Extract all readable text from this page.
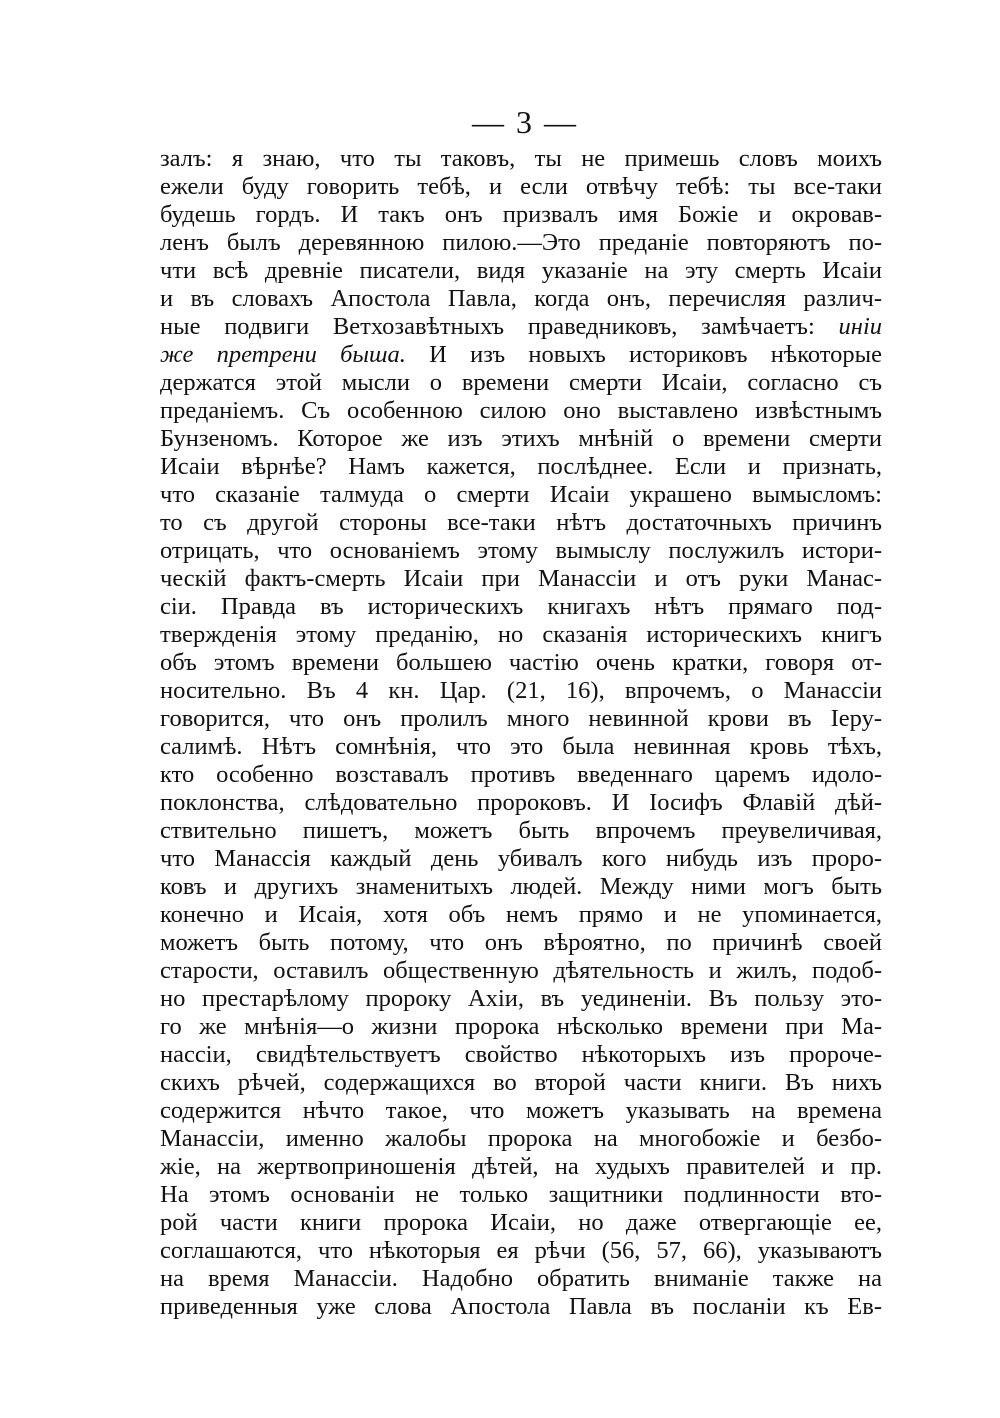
— 3 —
залъ: я знаю, что ты таковъ, ты не примешь словъ моихъ
ежели буду говорить тебѣ, и если отвѣчу тебѣ: ты все-таки
будешь гордъ. И такъ онъ призвалъ имя Божіе и окровав-
ленъ былъ деревянною пилою.—Это преданіе повторяютъ по-
чти всѣ древніе писатели, видя указаніе на эту смерть Исаіи
и въ словахъ Апостола Павла, когда онъ, перечисляя различ-
ные подвиги Ветхозавѣтныхъ праведниковъ, замѣчаетъ: иніи
же претрени быша. И изъ новыхъ историковъ нѣкоторые
держатся этой мысли о времени смерти Исаіи, согласно съ
преданіемъ. Съ особенною силою оно выставлено извѣстнымъ
Бунзеномъ. Которое же изъ этихъ мнѣній о времени смерти
Исаіи вѣрнѣе? Намъ кажется, послѣднее. Если и признать,
что сказаніе талмуда о смерти Исаіи украшено вымысломъ:
то съ другой стороны все-таки нѣтъ достаточныхъ причинъ
отрицать, что основаніемъ этому вымыслу послужилъ истори-
ческій фактъ-смерть Исаіи при Манассіи и отъ руки Манас-
сіи. Правда въ историческихъ книгахъ нѣтъ прямаго под-
твержденія этому преданію, но сказанія историческихъ книгъ
объ этомъ времени большею частію очень кратки, говоря от-
носительно. Въ 4 кн. Цар. (21, 16), впрочемъ, о Манассіи
говорится, что онъ пролилъ много невинной крови въ Іеру-
салимѣ. Нѣтъ сомнѣнія, что это была невинная кровь тѣхъ,
кто особенно возставалъ противъ введеннаго царемъ идоло-
поклонства, слѣдовательно пророковъ. И Іосифъ Флавій дѣй-
ствительно пишетъ, можетъ быть впрочемъ преувеличивая,
что Манассія каждый день убивалъ кого нибудь изъ проро-
ковъ и другихъ знаменитыхъ людей. Между ними могъ быть
конечно и Исаія, хотя объ немъ прямо и не упоминается,
можетъ быть потому, что онъ вѣроятно, по причинѣ своей
старости, оставилъ общественную дѣятельность и жилъ, подоб-
но престарѣлому пророку Ахіи, въ уединеніи. Въ пользу это-
го же мнѣнія—о жизни пророка нѣсколько времени при Ма-
нассіи, свидѣтельствуетъ свойство нѣкоторыхъ изъ пророче-
скихъ рѣчей, содержащихся во второй части книги. Въ нихъ
содержится нѣчто такое, что можетъ указывать на времена
Манассіи, именно жалобы пророка на многобожіе и безбо-
жіе, на жертвоприношенія дѣтей, на худыхъ правителей и пр.
На этомъ основаніи не только защитники подлинности вто-
рой части книги пророка Исаіи, но даже отвергающіе ее,
соглашаются, что нѣкоторыя ея рѣчи (56, 57, 66), указываютъ
на время Манассіи. Надобно обратить вниманіе также на
приведенныя уже слова Апостола Павла въ посланіи къ Ев-
